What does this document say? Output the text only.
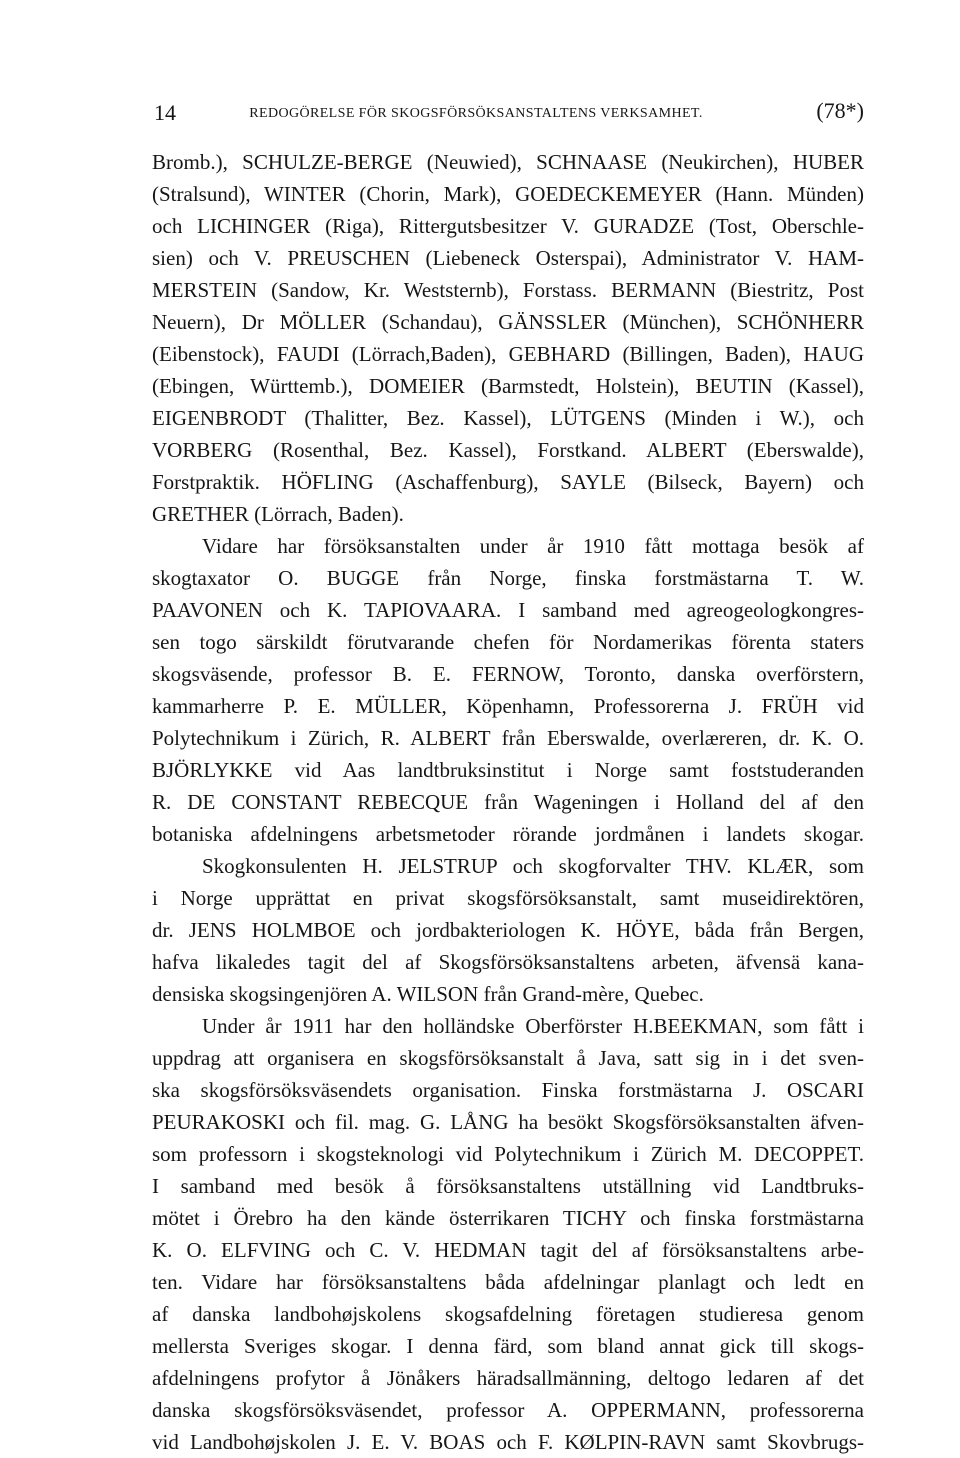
14	REDOGÖRELSE FÖR SKOGSFÖRSÖKSANSTALTENS VERKSAMHET.	(78*)
Bromb.), SCHULZE-BERGE (Neuwied), SCHNAASE (Neukirchen), HUBER
(Stralsund), WINTER (Chorin, Mark), GOEDECKEMEYER (Hann. Münden)
och LICHINGER (Riga), Rittergutsbesitzer V. GURADZE (Tost, Oberschle-
sien) och V. PREUSCHEN (Liebeneck Osterspai), Administrator V. HAM-
MERSTEIN (Sandow, Kr. Weststernb), Forstass. BERMANN (Biestritz, Post
Neuern), Dr MÖLLER (Schandau), GÄNSSLER (München), SCHÖNHERR
(Eibenstock), FAUDI (Lörrach,Baden), GEBHARD (Billingen, Baden), HAUG
(Ebingen, Württemb.), DOMEIER (Barmstedt, Holstein), BEUTIN (Kassel),
EIGENBRODT (Thalitter, Bez. Kassel), LÜTGENS (Minden i W.), och
VORBERG (Rosenthal, Bez. Kassel), Forstkand. ALBERT (Eberswalde),
Forstpraktik. HÖFLING (Aschaffenburg), SAYLE (Bilseck, Bayern) och
GRETHER (Lörrach, Baden).
Vidare har försöksanstalten under år 1910 fått mottaga besök af
skogtaxator O. BUGGE från Norge, finska forstmästarna T. W.
PAAVONEN och K. TAPIOVAARA. I samband med agreogeologkongres-
sen togo särskildt förutvarande chefen för Nordamerikas förenta staters
skogsväsende, professor B. E. FERNOW, Toronto, danska overförstern,
kammarherre P. E. MÜLLER, Köpenhamn, Professorerna J. FRÜH vid
Polytechnikum i Zürich, R. ALBERT från Eberswalde, overlæreren, dr. K. O.
BJÖRLYKKE vid Aas landtbruksinstitut i Norge samt foststuderanden
R. DE CONSTANT REBECQUE från Wageningen i Holland del af den
botaniska afdelningens arbetsmetoder rörande jordmånen i landets skogar.
Skogkonsulenten H. JELSTRUP och skogforvalter THV. KLÆR, som
i Norge upprättat en privat skogsförsöksanstalt, samt museidirektören,
dr. JENS HOLMBOE och jordbakteriologen K. HÖYE, båda från Bergen,
hafva likaledes tagit del af Skogsförsöksanstaltens arbeten, äfvensä kana-
densiska skogsingenjören A. WILSON från Grand-mère, Quebec.
Under år 1911 har den holländske Oberförster H.BEEKMAN, som fått i
uppdrag att organisera en skogsförsöksanstalt å Java, satt sig in i det sven-
ska skogsförsöksväsendets organisation. Finska forstmästarna J. OSCARI
PEURAKOSKI och fil. mag. G. LÅNG ha besökt Skogsförsöksanstalten äfven-
som professorn i skogsteknologi vid Polytechnikum i Zürich M. DECOPPET.
I samband med besök å försöksanstaltens utställning vid Landtbruks-
mötet i Örebro ha den kände österrikaren TICHY och finska forstmästarna
K. O. ELFVING och C. V. HEDMAN tagit del af försöksanstaltens arbe-
ten. Vidare har försöksanstaltens båda afdelningar planlagt och ledt en
af danska landbohøjskolens skogsafdelning företagen studieresa genom
mellersta Sveriges skogar. I denna färd, som bland annat gick till skogs-
afdelningens profytor å Jönåkers häradsallmänning, deltogo ledaren af det
danska skogsförsöksväsendet, professor A. OPPERMANN, professorerna
vid Landbohøjskolen J. E. V. BOAS och F. KØLPIN-RAVN samt Skovbrugs-
